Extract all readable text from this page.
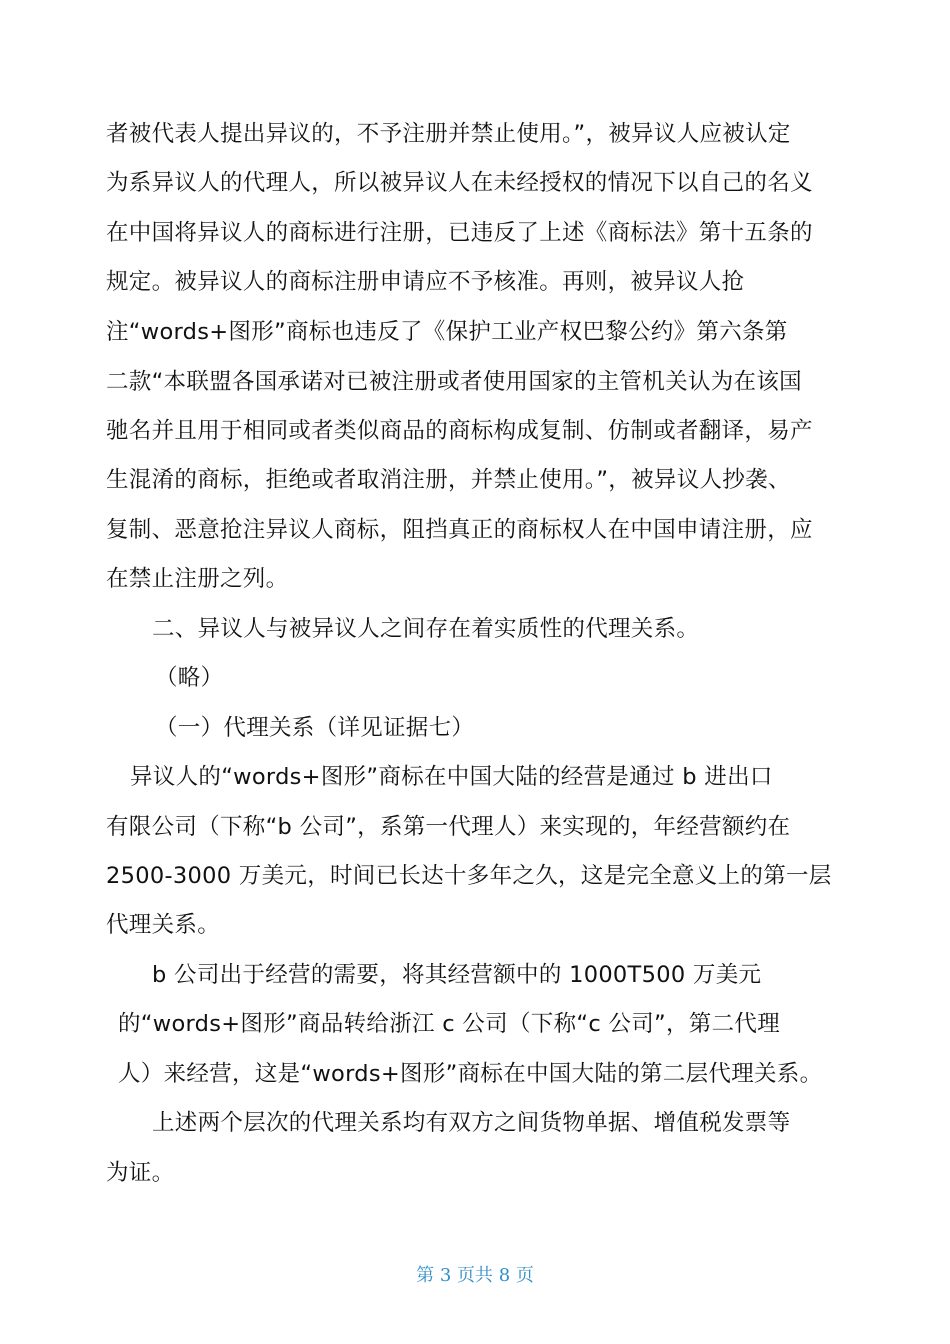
者被代表人提出异议的，不予注册并禁止使用。”，被异议人应被认定
为系异议人的代理人，所以被异议人在未经授权的情况下以自己的名义
在中国将异议人的商标进行注册，已违反了上述《商标法》第十五条的
规定。被异议人的商标注册申请应不予核准。再则，被异议人抢
注“words+图形”商标也违反了《保护工业产权巴黎公约》第六条第
二款“本联盟各国承诺对已被注册或者使用国家的主管机关认为在该国
驰名并且用于相同或者类似商品的商标构成复制、仿制或者翻译，易产
生混淆的商标，拒绝或者取消注册，并禁止使用。”，被异议人抄袭、
复制、恶意抢注异议人商标，阻挡真正的商标权人在中国申请注册，应
在禁止注册之列。
二、异议人与被异议人之间存在着实质性的代理关系。
（略）
（一）代理关系（详见证据七）
异议人的“words+图形”商标在中国大陆的经营是通过 b 进出口
有限公司（下称“b 公司”，系第一代理人）来实现的，年经营额约在
2500-3000 万美元，时间已长达十多年之久，这是完全意义上的第一层
代理关系。
b 公司出于经营的需要，将其经营额中的 1000T500 万美元
的“words+图形”商品转给浙江 c 公司（下称“c 公司”，第二代理
人）来经营，这是“words+图形”商标在中国大陆的第二层代理关系。
上述两个层次的代理关系均有双方之间货物单据、增值税发票等
为证。
第 3 页共 8 页
